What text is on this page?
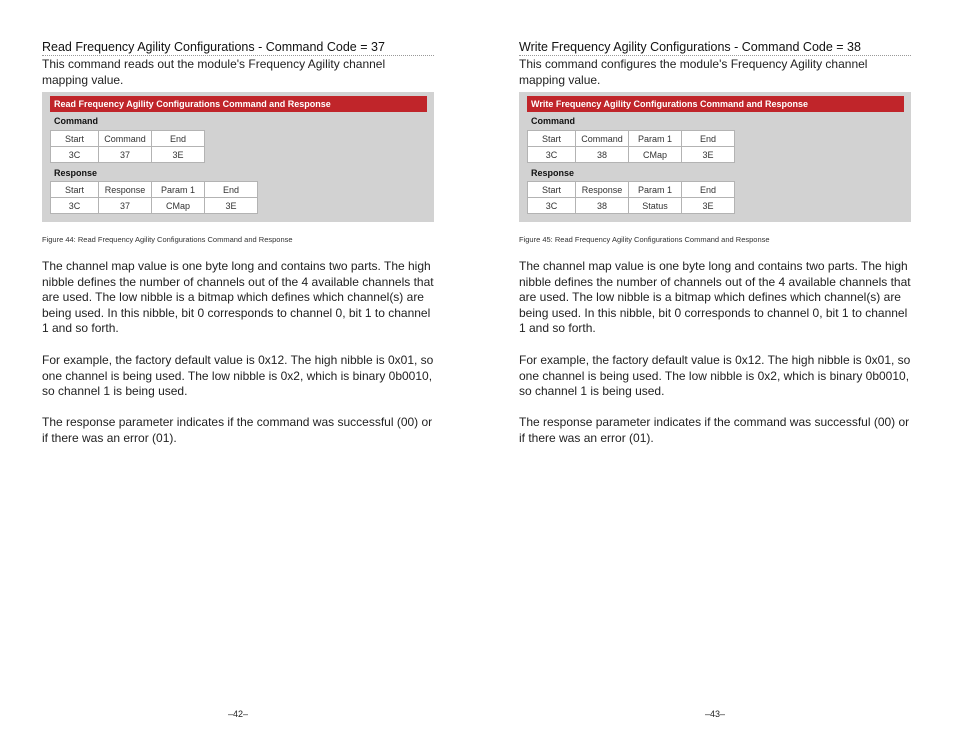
Read Frequency Agility Configurations - Command Code = 37
This command reads out the module's Frequency Agility channel mapping value.
Read Frequency Agility Configurations Command and Response
Command
Start	Command	End
3C	37	3E
Response
Start	Response	Param 1	End
3C	37	CMap	3E
Figure 44: Read Frequency Agility Configurations Command and Response
The channel map value is one byte long and contains two parts. The high nibble defines the number of channels out of the 4 available channels that are used. The low nibble is a bitmap which defines which channel(s) are being used. In this nibble, bit 0 corresponds to channel 0, bit 1 to channel 1 and so forth.
For example, the factory default value is 0x12. The high nibble is 0x01, so one channel is being used. The low nibble is 0x2, which is binary 0b0010, so channel 1 is being used.
The response parameter indicates if the command was successful (00) or if there was an error (01).
–42–
Write Frequency Agility Configurations - Command Code = 38
This command configures the module's Frequency Agility channel mapping value.
Write Frequency Agility Configurations Command and Response
Command
Start	Command	Param 1	End
3C	38	CMap	3E
Response
Start	Response	Param 1	End
3C	38	Status	3E
Figure 45: Read Frequency Agility Configurations Command and Response
The channel map value is one byte long and contains two parts. The high nibble defines the number of channels out of the 4 available channels that are used. The low nibble is a bitmap which defines which channel(s) are being used. In this nibble, bit 0 corresponds to channel 0, bit 1 to channel 1 and so forth.
For example, the factory default value is 0x12. The high nibble is 0x01, so one channel is being used. The low nibble is 0x2, which is binary 0b0010, so channel 1 is being used.
The response parameter indicates if the command was successful (00) or if there was an error (01).
–43–
